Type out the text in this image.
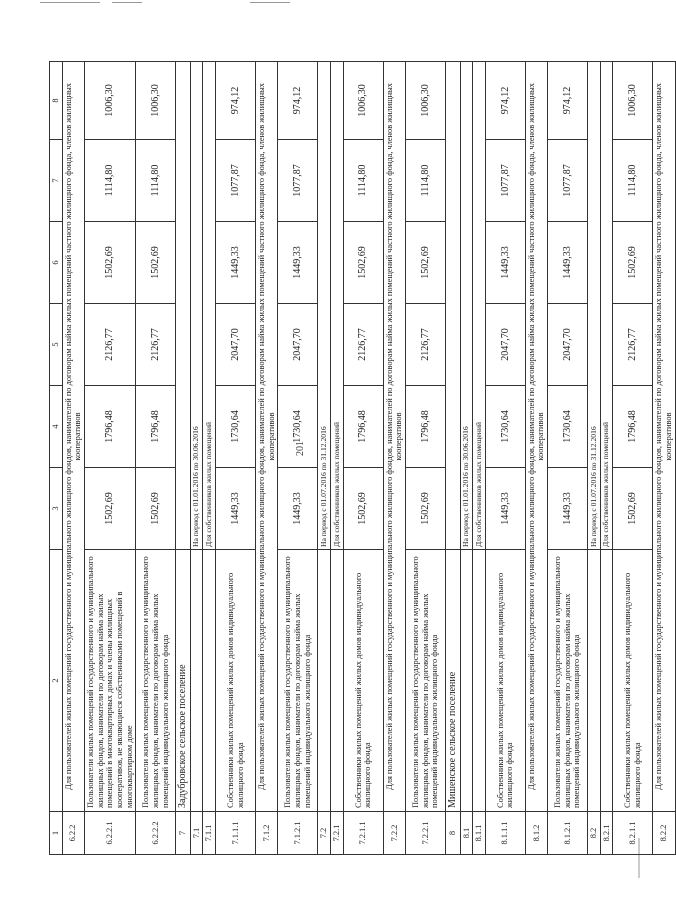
201
1	2	3	4	5	6	7	8
6.2.2	Для пользователей жилых помещений государственного и муниципального жилищного фондов, нанимателей по договорам найма жилых помещений частного жилищного фонда, членов жилищных кооперативов						
6.2.2.1	Пользователи жилых помещений государственного и муниципального жилищных фондов, наниматели по договорам найма жилых помещений в многоквартирных домах и члены жилищных кооперативов, не являющиеся собственниками помещений в многоквартирном доме	1502,69	1796,48	2126,77	1502,69	1114,80	1006,30
6.2.2.2	Пользователи жилых помещений государственного и муниципального жилищных фондов, наниматели по договорам найма жилых помещений индивидуального жилищного фонда	1502,69	1796,48	2126,77	1502,69	1114,80	1006,30
7	Задубровское сельское поселение						
7.1		На период с 01.01.2016 по 30.06.2016					
7.1.1		Для собственников жилых помещений					
7.1.1.1	Собственники жилых помещений жилых домов индивидуального жилищного фонда	1449,33	1730,64	2047,70	1449,33	1077,87	974,12
7.1.2	Для пользователей жилых помещений государственного и муниципального жилищного фондов, нанимателей по договорам найма жилых помещений частного жилищного фонда, членов жилищных кооперативов						
7.1.2.1	Пользователи жилых помещений государственного и муниципального жилищных фондов, наниматели по договорам найма жилых помещений индивидуального жилищного фонда	1449,33	1730,64	2047,70	1449,33	1077,87	974,12
7.2		На период с 01.07.2016 по 31.12.2016					
7.2.1		Для собственников жилых помещений					
7.2.1.1	Собственники жилых помещений жилых домов индивидуального жилищного фонда	1502,69	1796,48	2126,77	1502,69	1114,80	1006,30
7.2.2	Для пользователей жилых помещений государственного и муниципального жилищного фондов, нанимателей по договорам найма жилых помещений частного жилищного фонда, членов жилищных кооперативов						
7.2.2.1	Пользователи жилых помещений государственного и муниципального жилищных фондов, наниматели по договорам найма жилых помещений индивидуального жилищного фонда	1502,69	1796,48	2126,77	1502,69	1114,80	1006,30
8	Мишенское сельское поселение						
8.1		На период с 01.01.2016 по 30.06.2016					
8.1.1		Для собственников жилых помещений					
8.1.1.1	Собственники жилых помещений жилых домов индивидуального жилищного фонда	1449,33	1730,64	2047,70	1449,33	1077,87	974,12
8.1.2	Для пользователей жилых помещений государственного и муниципального жилищного фондов, нанимателей по договорам найма жилых помещений частного жилищного фонда, членов жилищных кооперативов						
8.1.2.1	Пользователи жилых помещений государственного и муниципального жилищных фондов, наниматели по договорам найма жилых помещений индивидуального жилищного фонда	1449,33	1730,64	2047,70	1449,33	1077,87	974,12
8.2		На период с 01.07.2016 по 31.12.2016					
8.2.1		Для собственников жилых помещений					
8.2.1.1	Собственники жилых помещений жилых домов индивидуального жилищного фонда	1502,69	1796,48	2126,77	1502,69	1114,80	1006,30
8.2.2	Для пользователей жилых помещений государственного и муниципального жилищного фондов, нанимателей по договорам найма жилых помещений частного жилищного фонда, членов жилищных кооперативов						
